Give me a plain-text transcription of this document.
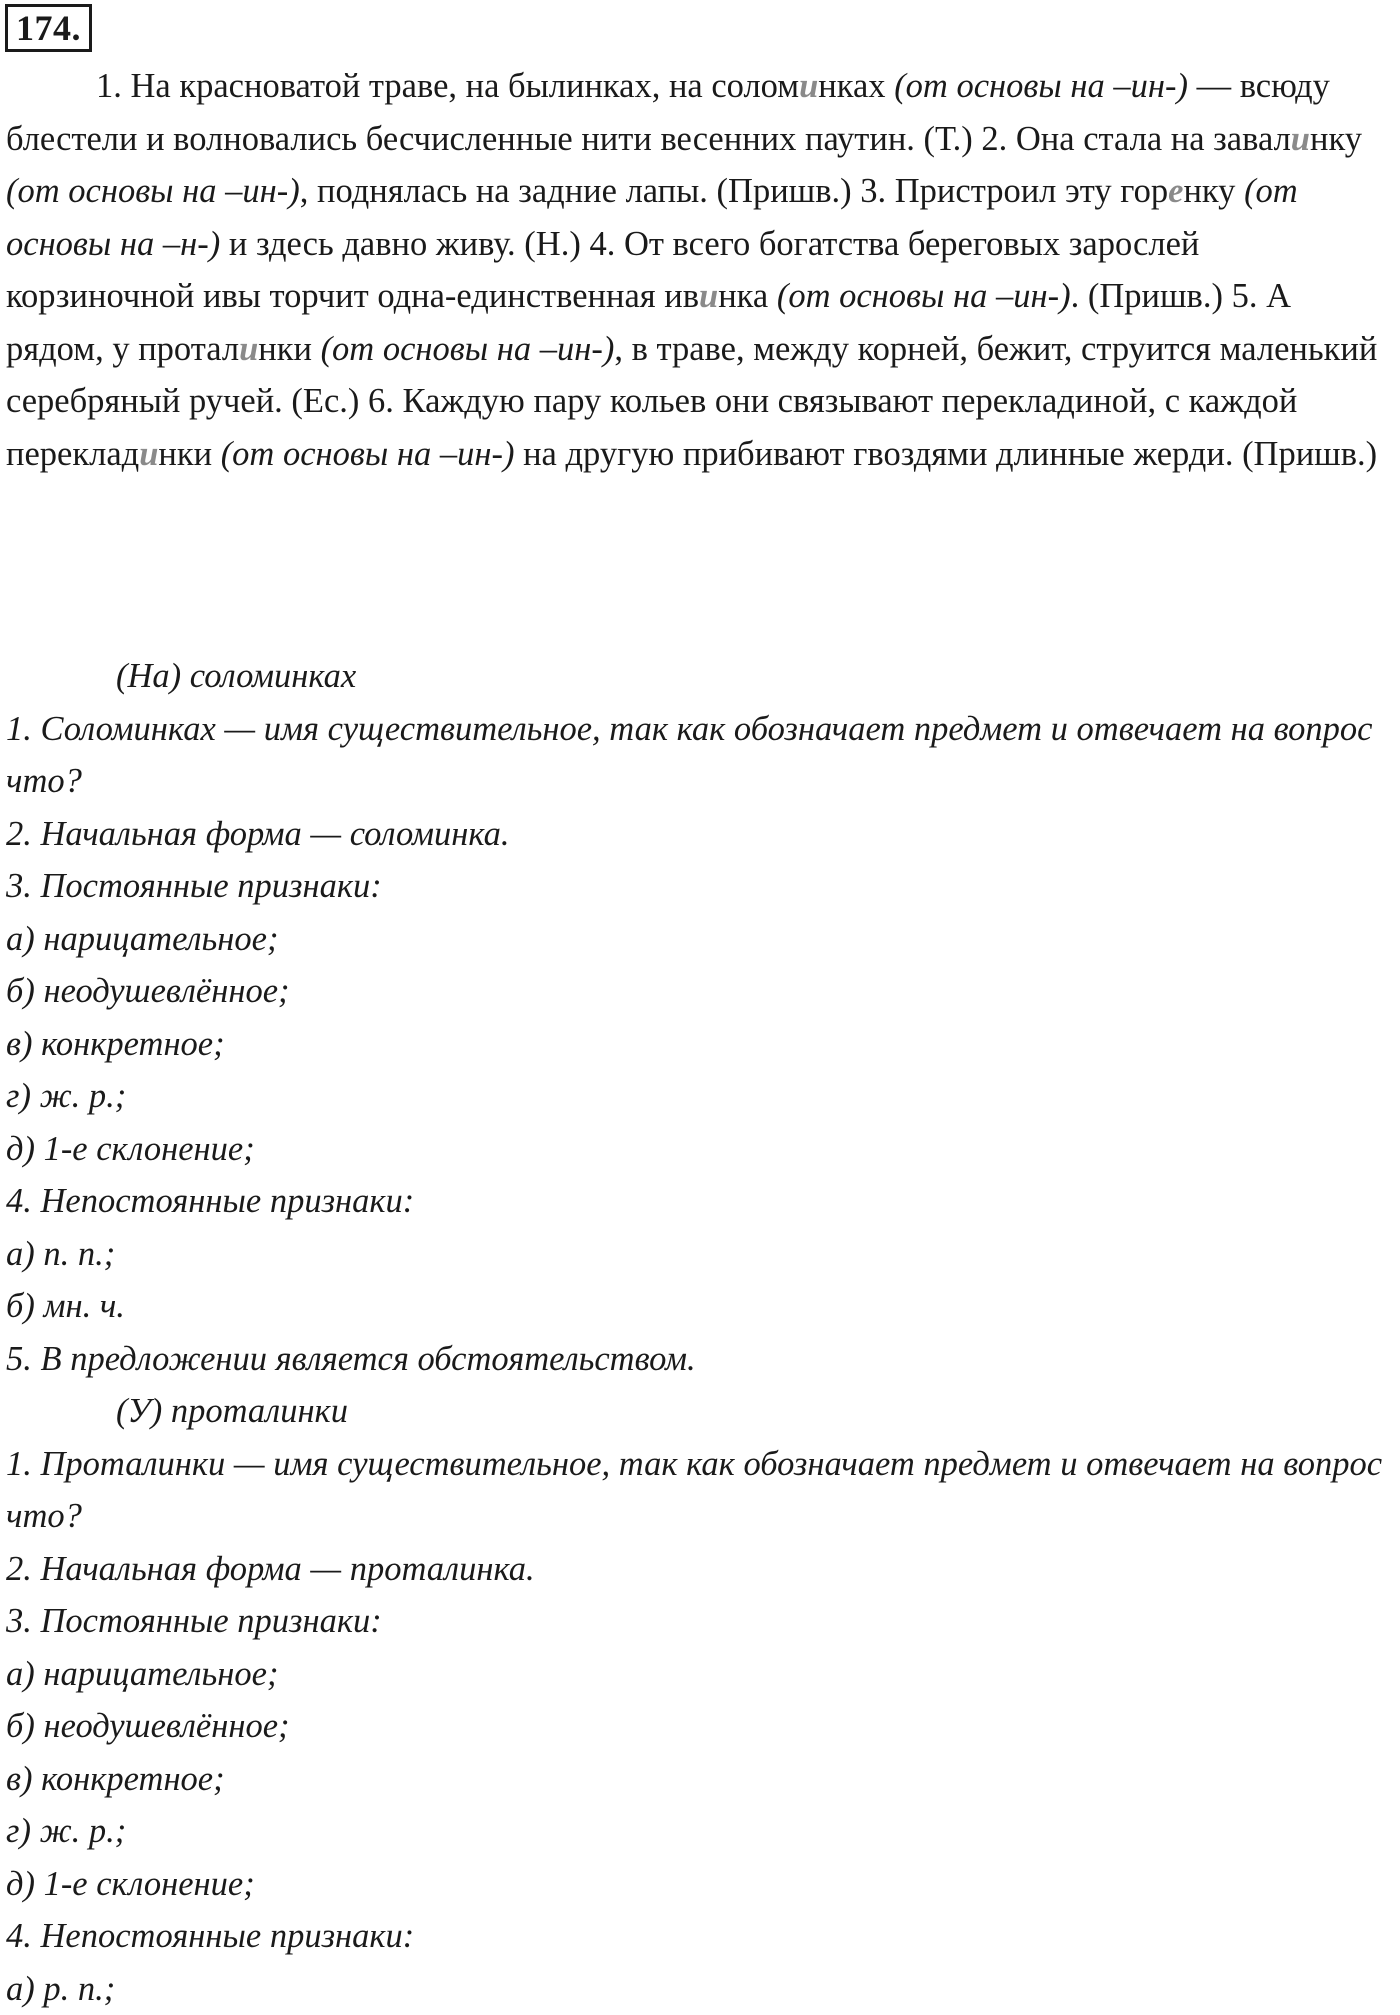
174.

1. На красноватой траве, на былинках, на соломинках (от основы на –ин-) — всюду блестели и волновались бесчисленные нити весенних паутин. (Т.) 2. Она стала на завалинку (от основы на –ин-), поднялась на задние лапы. (Пришв.) 3. Пристроил эту горенку (от основы на –н-) и здесь давно живу. (Н.) 4. От всего богатства береговых зарослей корзиночной ивы торчит одна-единственная ивинка (от основы на –ин-). (Пришв.) 5. А рядом, у проталинки (от основы на –ин-), в траве, между корней, бежит, струится маленький серебряный ручей. (Ес.) 6. Каждую пару кольев они связывают перекладиной, с каждой перекладинки (от основы на –ин-) на другую прибивают гвоздями длинные жерди. (Пришв.)

(На) соломинках
1. Соломинках — имя существительное, так как обозначает предмет и отвечает на вопрос что?
2. Начальная форма — соломинка.
3. Постоянные признаки:
а) нарицательное;
б) неодушевлённое;
в) конкретное;
г) ж. р.;
д) 1-е склонение;
4. Непостоянные признаки:
а) п. п.;
б) мн. ч.
5. В предложении является обстоятельством.
(У) проталинки
1. Проталинки — имя существительное, так как обозначает предмет и отвечает на вопрос что?
2. Начальная форма — проталинка.
3. Постоянные признаки:
а) нарицательное;
б) неодушевлённое;
в) конкретное;
г) ж. р.;
д) 1-е склонение;
4. Непостоянные признаки:
а) р. п.;
